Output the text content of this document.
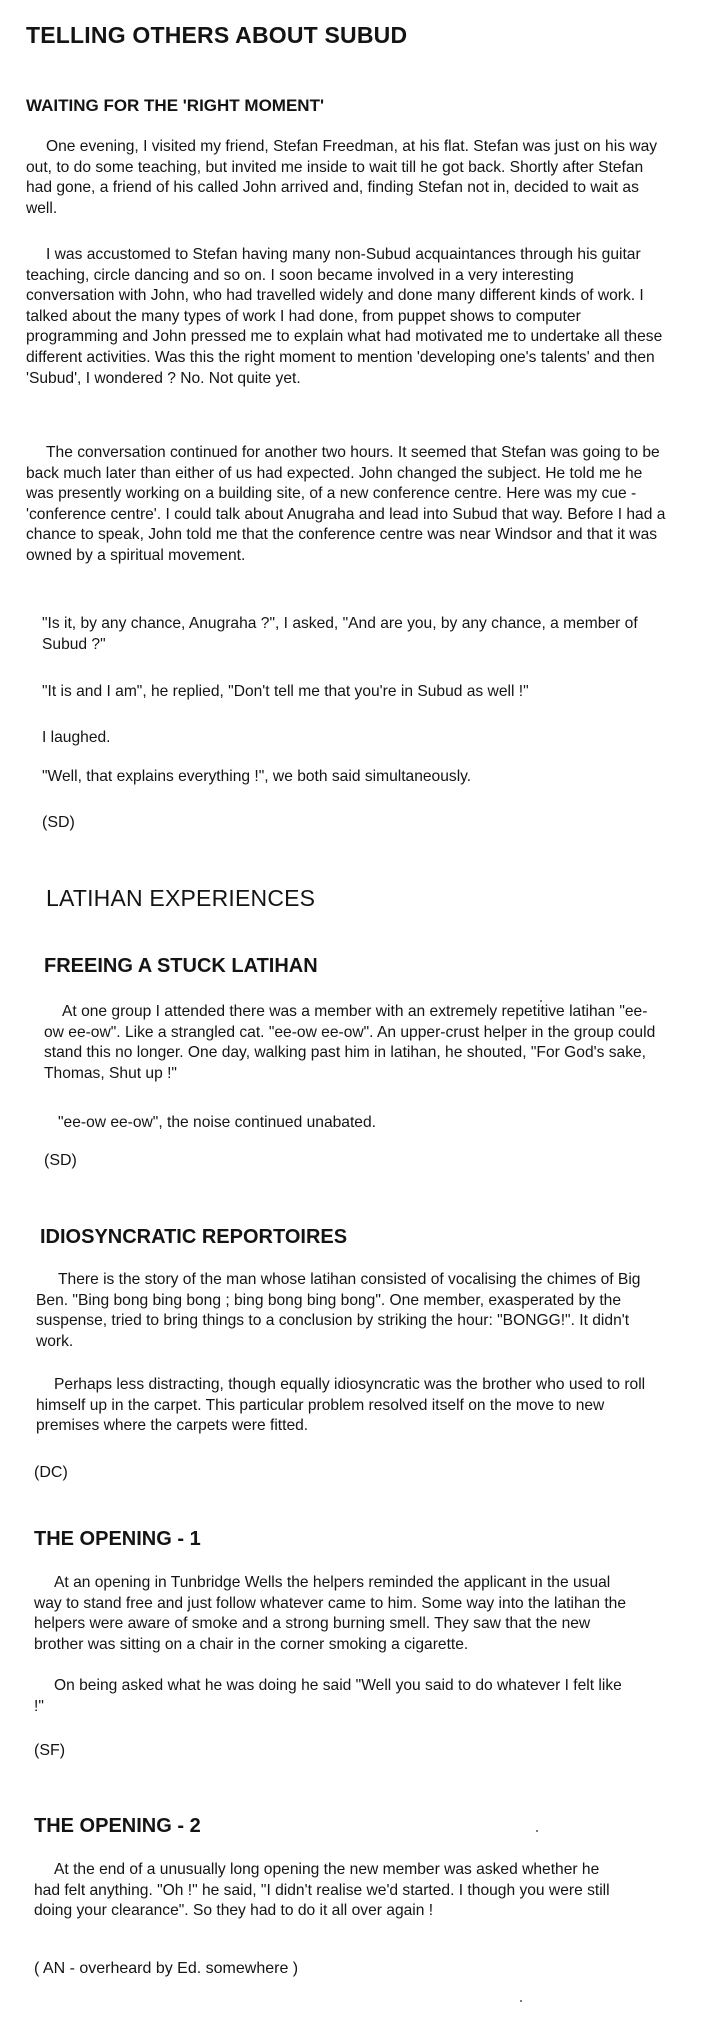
TELLING OTHERS ABOUT SUBUD
WAITING FOR THE 'RIGHT MOMENT'

One evening, I visited my friend, Stefan Freedman, at his flat. Stefan was just on his way out, to do some teaching, but invited me inside to wait till he got back. Shortly after Stefan had gone, a friend of his called John arrived and, finding Stefan not in, decided to wait as well.

I was accustomed to Stefan having many non-Subud acquaintances through his guitar teaching, circle dancing and so on. I soon became involved in a very interesting conversation with John, who had travelled widely and done many different kinds of work. I talked about the many types of work I had done, from puppet shows to computer programming and John pressed me to explain what had motivated me to undertake all these different activities. Was this the right moment to mention 'developing one's talents' and then 'Subud', I wondered ? No. Not quite yet.

The conversation continued for another two hours. It seemed that Stefan was going to be back much later than either of us had expected. John changed the subject. He told me he was presently working on a building site, of a new conference centre. Here was my cue - 'conference centre'. I could talk about Anugraha and lead into Subud that way. Before I had a chance to speak, John told me that the conference centre was near Windsor and that it was owned by a spiritual movement.

"Is it, by any chance, Anugraha ?", I asked, "And are you, by any chance, a member of Subud ?"

"It is and I am", he replied, "Don't tell me that you're in Subud as well !"

I laughed.

"Well, that explains everything !", we both said simultaneously.

(SD)

LATIHAN EXPERIENCES
FREEING A STUCK LATIHAN

At one group I attended there was a member with an extremely repetitive latihan "ee-ow ee-ow". Like a strangled cat. "ee-ow ee-ow". An upper-crust helper in the group could stand this no longer. One day, walking past him in latihan, he shouted, "For God's sake, Thomas, Shut up !"

"ee-ow ee-ow", the noise continued unabated.

(SD)

IDIOSYNCRATIC REPORTOIRES

There is the story of the man whose latihan consisted of vocalising the chimes of Big Ben. "Bing bong bing bong ; bing bong bing bong". One member, exasperated by the suspense, tried to bring things to a conclusion by striking the hour: "BONGG!". It didn't work.

Perhaps less distracting, though equally idiosyncratic was the brother who used to roll himself up in the carpet. This particular problem resolved itself on the move to new premises where the carpets were fitted.

(DC)

THE OPENING - 1

At an opening in Tunbridge Wells the helpers reminded the applicant in the usual way to stand free and just follow whatever came to him. Some way into the latihan the helpers were aware of smoke and a strong burning smell. They saw that the new brother was sitting on a chair in the corner smoking a cigarette.

On being asked what he was doing he said "Well you said to do whatever I felt like !"

(SF)

THE OPENING - 2

At the end of a unusually long opening the new member was asked whether he had felt anything. "Oh !" he said, "I didn't realise we'd started. I though you were still doing your clearance". So they had to do it all over again !

( AN - overheard by Ed. somewhere )
